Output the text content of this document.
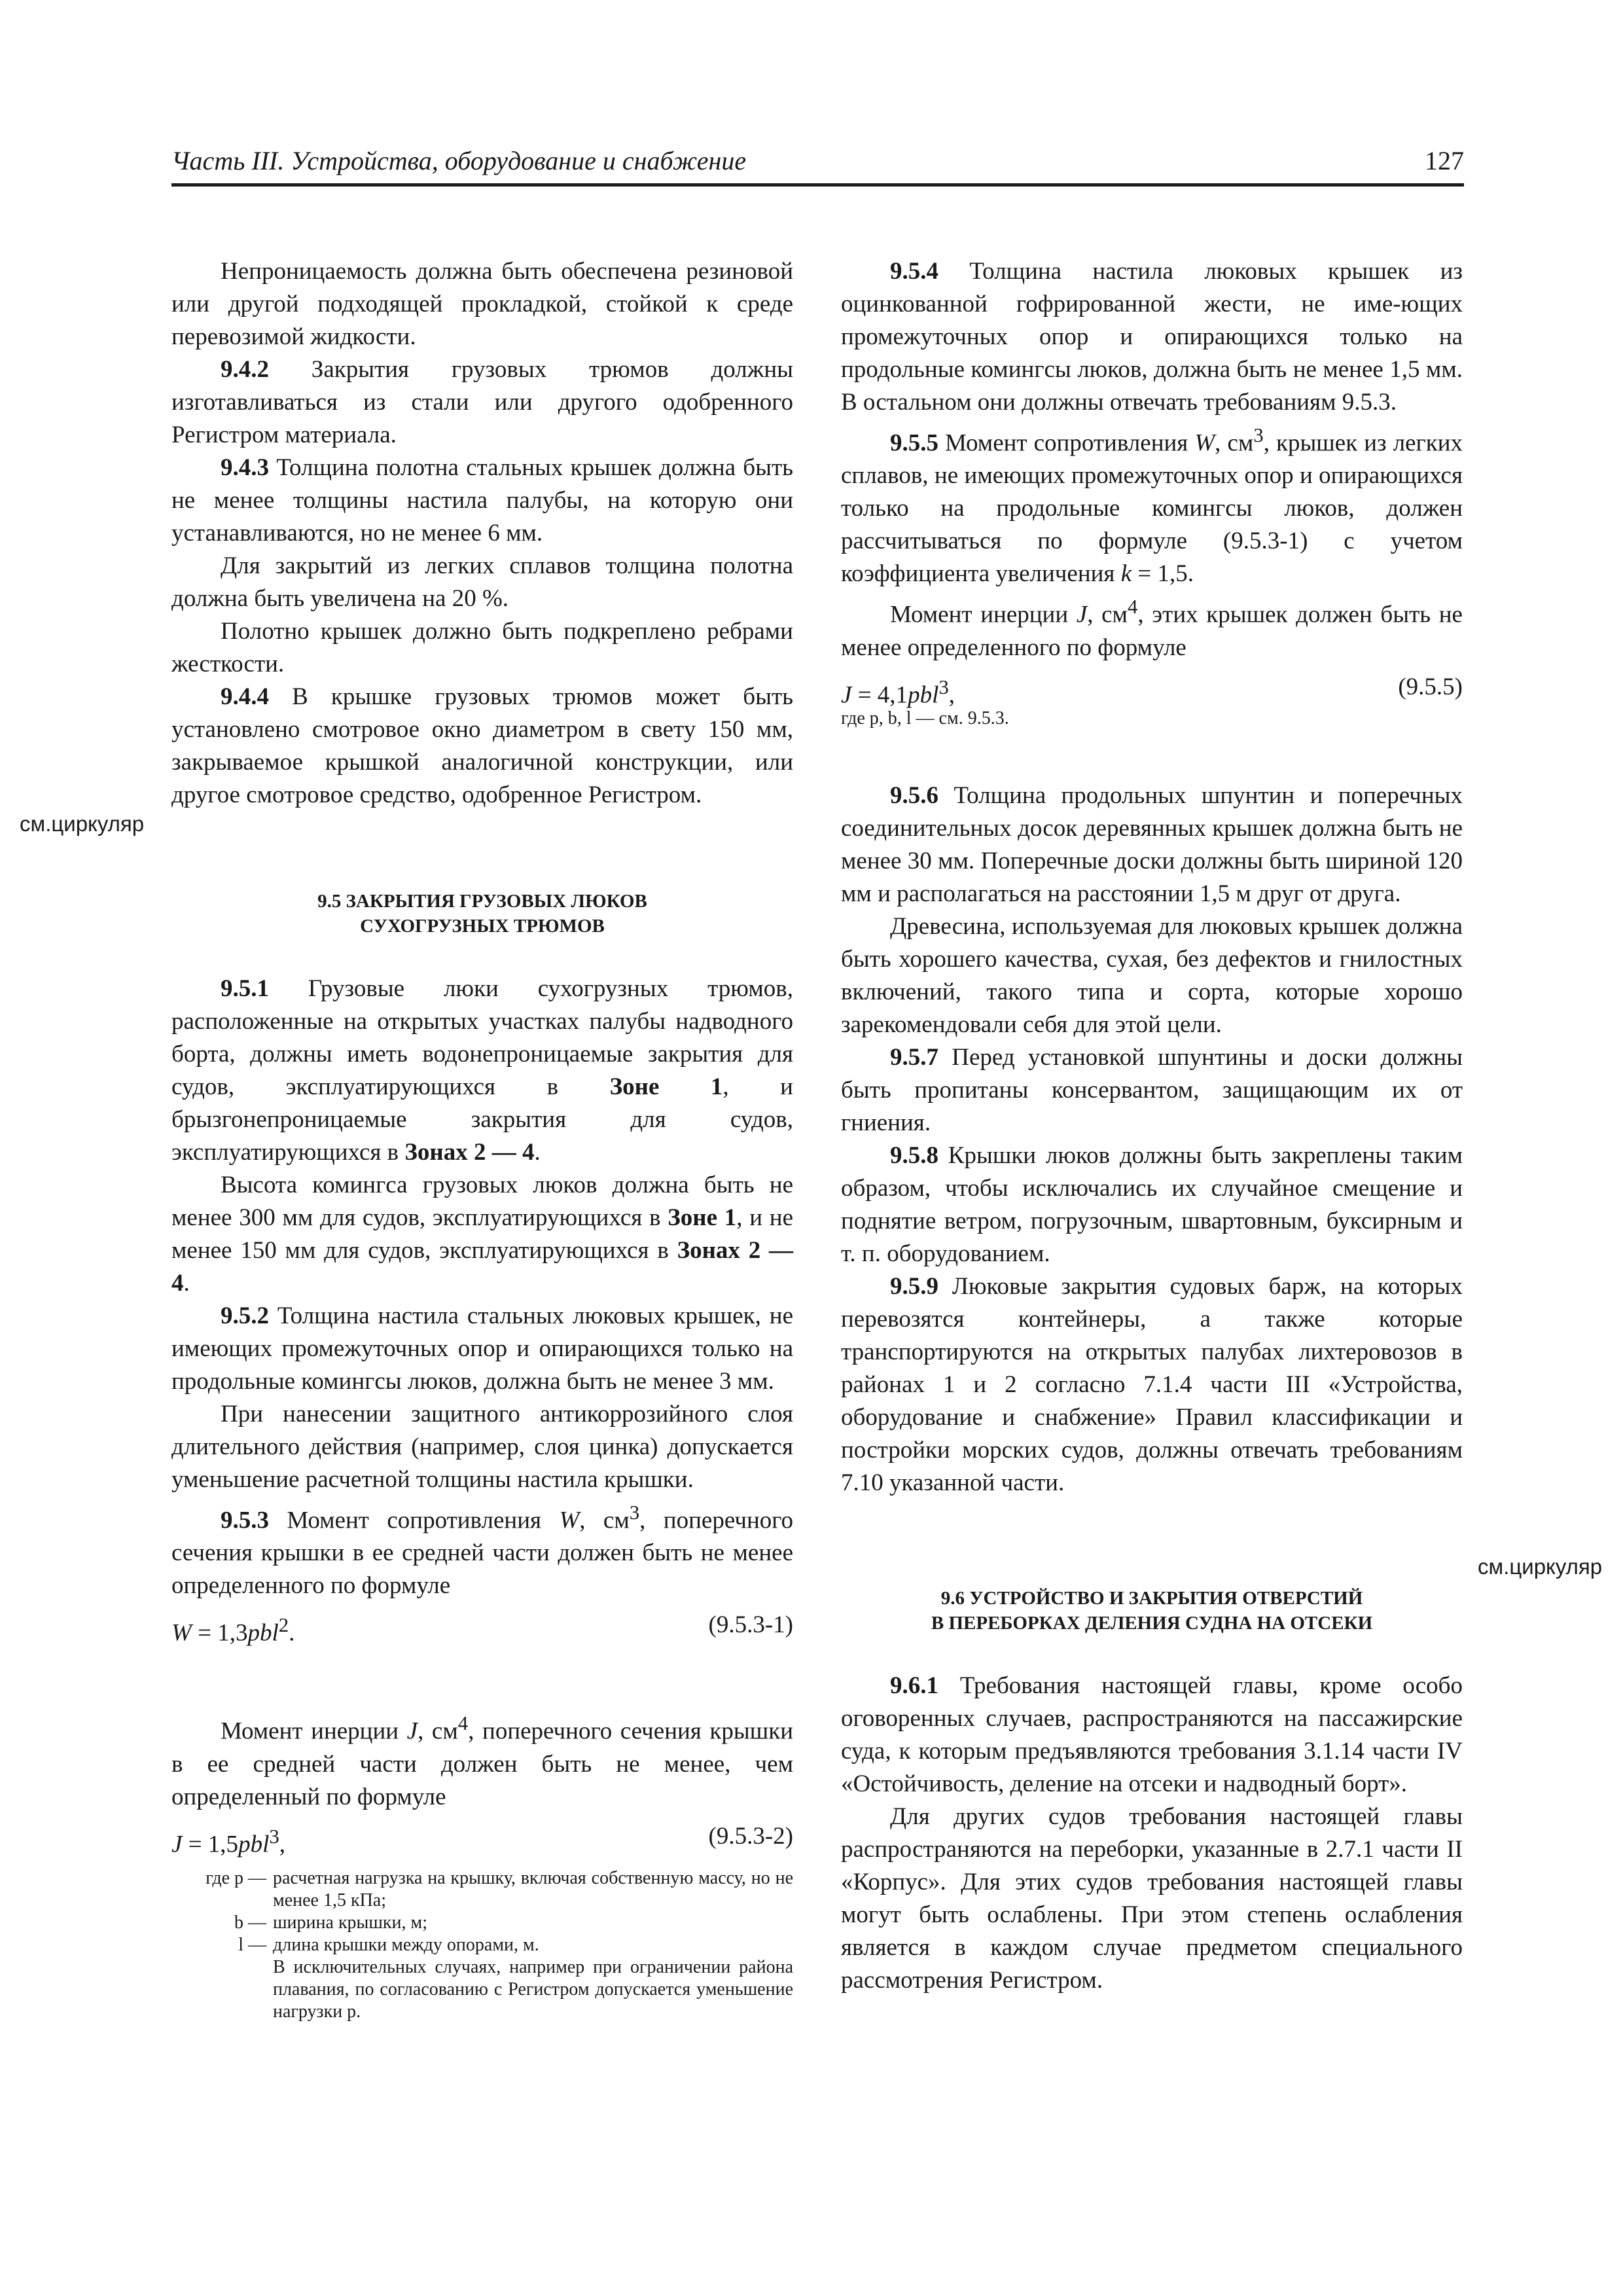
Часть III. Устройства, оборудование и снабжение	127
см.циркуляр
см.циркуляр

Непроницаемость должна быть обеспечена резиновой или другой подходящей прокладкой, стойкой к среде перевозимой жидкости.

9.4.2 Закрытия грузовых трюмов должны изготавливаться из стали или другого одобренного Регистром материала.

9.4.3 Толщина полотна стальных крышек должна быть не менее толщины настила палубы, на которую они устанавливаются, но не менее 6 мм.

Для закрытий из легких сплавов толщина полотна должна быть увеличена на 20 %.

Полотно крышек должно быть подкреплено ребрами жесткости.

9.4.4 В крышке грузовых трюмов может быть установлено смотровое окно диаметром в свету 150 мм, закрываемое крышкой аналогичной конструкции, или другое смотровое средство, одобренное Регистром.

9.5 ЗАКРЫТИЯ ГРУЗОВЫХ ЛЮКОВ
СУХОГРУЗНЫХ ТРЮМОВ

9.5.1 Грузовые люки сухогрузных трюмов, расположенные на открытых участках палубы надводного борта, должны иметь водонепроницаемые закрытия для судов, эксплуатирующихся в Зоне 1, и брызгонепроницаемые закрытия для судов, эксплуатирующихся в Зонах 2 — 4.

Высота комингса грузовых люков должна быть не менее 300 мм для судов, эксплуатирующихся в Зоне 1, и не менее 150 мм для судов, эксплуатирующихся в Зонах 2 — 4.

9.5.2 Толщина настила стальных люковых крышек, не имеющих промежуточных опор и опирающихся только на продольные комингсы люков, должна быть не менее 3 мм.

При нанесении защитного антикоррозийного слоя длительного действия (например, слоя цинка) допускается уменьшение расчетной толщины настила крышки.

9.5.3 Момент сопротивления W, $см^3$, поперечного сечения крышки в ее средней части должен быть не менее определенного по формуле

W = 1,3pbl$^2$.	(9.5.3-1)

Момент инерции J, $см^4$, поперечного сечения крышки в ее средней части должен быть не менее, чем определенный по формуле

J = 1,5pbl$^3$,	(9.5.3-2)
где p — расчетная нагрузка на крышку, включая собственную массу, но не менее 1,5 кПа;
b — ширина крышки, м;
l — длина крышки между опорами, м.
В исключительных случаях, например при ограничении района плавания, по согласованию с Регистром допускается уменьшение нагрузки p.

9.5.4 Толщина настила люковых крышек из оцинкованной гофрированной жести, не име-ющих промежуточных опор и опирающихся только на продольные комингсы люков, должна быть не менее 1,5 мм. В остальном они должны отвечать требованиям 9.5.3.

9.5.5 Момент сопротивления W, $см^3$, крышек из легких сплавов, не имеющих промежуточных опор и опирающихся только на продольные комингсы люков, должен рассчитываться по формуле (9.5.3-1) с учетом коэффициента увеличения k = 1,5.

Момент инерции J, $см^4$, этих крышек должен быть не менее определенного по формуле

J = 4,1pbl$^3$,	(9.5.5)

где p, b, l — см. 9.5.3.

9.5.6 Толщина продольных шпунтин и поперечных соединительных досок деревянных крышек должна быть не менее 30 мм. Поперечные доски должны быть шириной 120 мм и располагаться на расстоянии 1,5 м друг от друга.

Древесина, используемая для люковых крышек должна быть хорошего качества, сухая, без дефектов и гнилостных включений, такого типа и сорта, которые хорошо зарекомендовали себя для этой цели.

9.5.7 Перед установкой шпунтины и доски должны быть пропитаны консервантом, защищающим их от гниения.

9.5.8 Крышки люков должны быть закреплены таким образом, чтобы исключались их случайное смещение и поднятие ветром, погрузочным, швартовным, буксирным и т. п. оборудованием.

9.5.9 Люковые закрытия судовых барж, на которых перевозятся контейнеры, а также которые транспортируются на открытых палубах лихтеровозов в районах 1 и 2 согласно 7.1.4 части III «Устройства, оборудование и снабжение» Правил классификации и постройки морских судов, должны отвечать требованиям 7.10 указанной части.

9.6 УСТРОЙСТВО И ЗАКРЫТИЯ ОТВЕРСТИЙ
В ПЕРЕБОРКАХ ДЕЛЕНИЯ СУДНА НА ОТСЕКИ

9.6.1 Требования настоящей главы, кроме особо оговоренных случаев, распространяются на пассажирские суда, к которым предъявляются требования 3.1.14 части IV «Остойчивость, деление на отсеки и надводный борт».

Для других судов требования настоящей главы распространяются на переборки, указанные в 2.7.1 части II «Корпус». Для этих судов требования настоящей главы могут быть ослаблены. При этом степень ослабления является в каждом случае предметом специального рассмотрения Регистром.
